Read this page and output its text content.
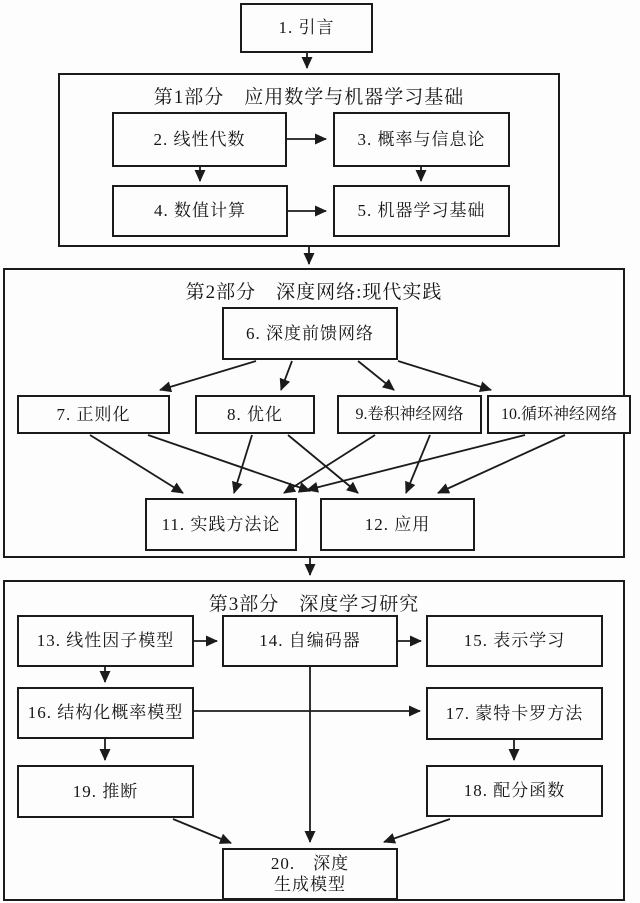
1. 引言
第1部分　应用数学与机器学习基础
2. 线性代数	3. 概率与信息论
4. 数值计算	5. 机器学习基础
第2部分　深度网络:现代实践
6. 深度前馈网络
7. 正则化	8. 优化	9.卷积神经网络 10.循环神经网络
11. 实践方法论	12. 应用
第3部分　深度学习研究
13. 线性因子模型	14. 自编码器	15. 表示学习
16. 结构化概率模型	17. 蒙特卡罗方法
19. 推断	18. 配分函数
20.　深度
生成模型
